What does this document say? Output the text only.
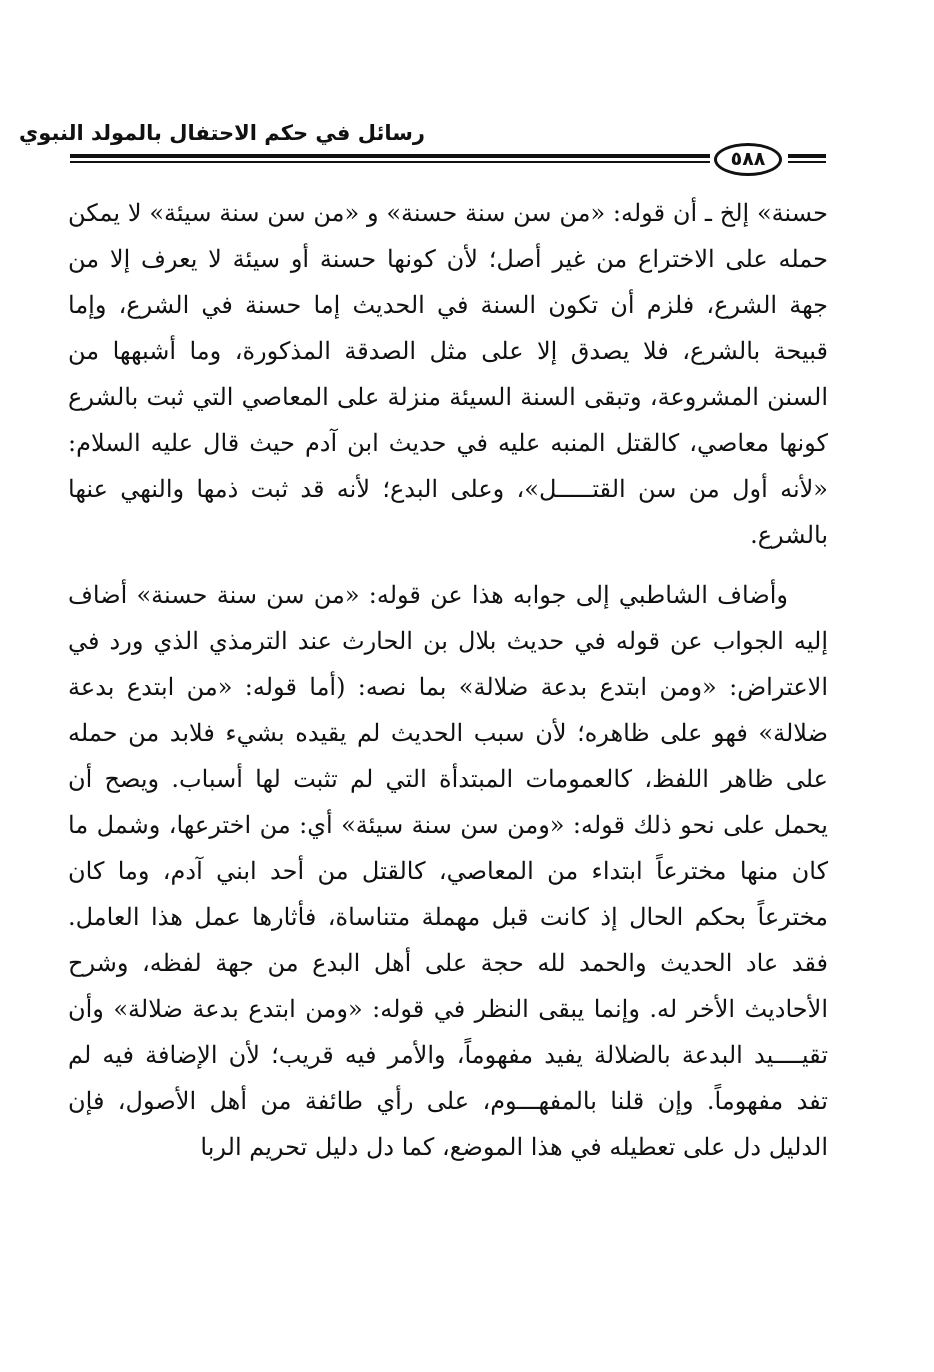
رسائل في حكم الاحتفال بالمولد النبوي
٥٨٨

حسنة» إلخ ـ أن قوله: «من سن سنة حسنة» و «من سن سنة سيئة» لا يمكن حمله على الاختراع من غير أصل؛ لأن كونها حسنة أو سيئة لا يعرف إلا من جهة الشرع، فلزم أن تكون السنة في الحديث إما حسنة في الشرع، وإما قبيحة بالشرع، فلا يصدق إلا على مثل الصدقة المذكورة، وما أشبهها من السنن المشروعة، وتبقى السنة السيئة منزلة على المعاصي التي ثبت بالشرع كونها معاصي، كالقتل المنبه عليه في حديث ابن آدم حيث قال عليه السلام: «لأنه أول من سن القتـــــل»، وعلى البدع؛ لأنه قد ثبت ذمها والنهي عنها بالشرع.

وأضاف الشاطبي إلى جوابه هذا عن قوله: «من سن سنة حسنة» أضاف إليه الجواب عن قوله في حديث بلال بن الحارث عند الترمذي الذي ورد في الاعتراض: «ومن ابتدع بدعة ضلالة» بما نصه: (أما قوله: «من ابتدع بدعة ضلالة» فهو على ظاهره؛ لأن سبب الحديث لم يقيده بشيء فلابد من حمله على ظاهر اللفظ، كالعمومات المبتدأة التي لم تثبت لها أسباب. ويصح أن يحمل على نحو ذلك قوله: «ومن سن سنة سيئة» أي: من اخترعها، وشمل ما كان منها مخترعاً ابتداء من المعاصي، كالقتل من أحد ابني آدم، وما كان مخترعاً بحكم الحال إذ كانت قبل مهملة متناساة، فأثارها عمل هذا العامل. فقد عاد الحديث والحمد لله حجة على أهل البدع من جهة لفظه، وشرح الأحاديث الأخر له. وإنما يبقى النظر في قوله: «ومن ابتدع بدعة ضلالة» وأن تقيــــيد البدعة بالضلالة يفيد مفهوماً، والأمر فيه قريب؛ لأن الإضافة فيه لم تفد مفهوماً. وإن قلنا بالمفهـــوم، على رأي طائفة من أهل الأصول، فإن الدليل دل على تعطيله في هذا الموضع، كما دل دليل تحريم الربا
